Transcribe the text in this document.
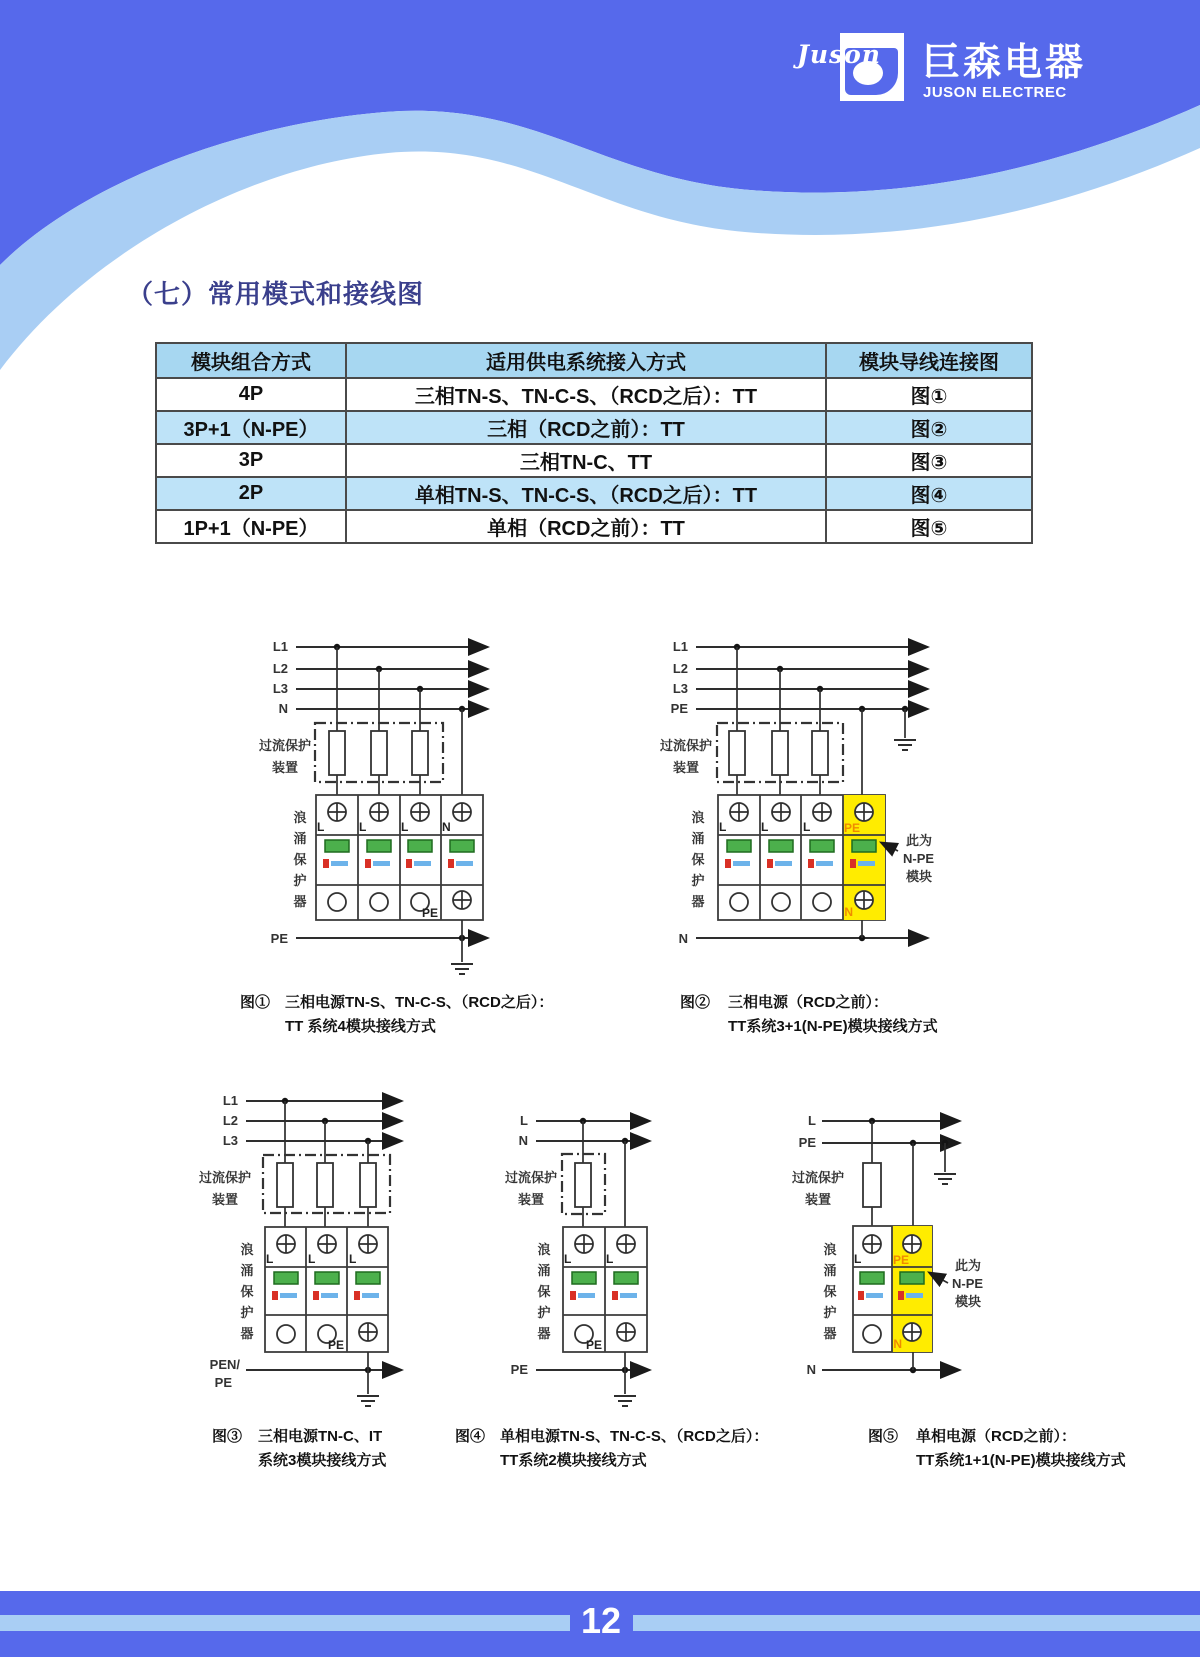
Juson 巨森电器
JUSON ELECTREC
（七）常用模式和接线图
模块组合方式	适用供电系统接入方式	模块导线连接图
4P	三相TN-S、TN-C-S、（RCD之后）：TT	图①
3P+1（N-PE）	三相（RCD之前）：TT	图②
3P	三相TN-C、TT	图③
2P	单相TN-S、TN-C-S、（RCD之后）：TT	图④
1P+1（N-PE）	单相（RCD之前）：TT	图⑤
L1
L2
L3
N
过流保护
装置
浪
涌
保
护
器
L	L	L	N
PE
PE
图① 三相电源TN-S、TN-C-S、（RCD之后）：
TT 系统4模块接线方式
L1
L2
L3
PE
过流保护
装置
浪
涌
保
护
器
L	L	L	PE
N
此为
N-PE
模块
N
图② 三相电源（RCD之前）：
TT系统3+1(N-PE)模块接线方式
L1
L2
L3
过流保护
装置
浪
涌
保
护
器
L	L	L
PE
PEN/
PE
图③ 三相电源TN-C、IT
系统3模块接线方式
L
N
过流保护
装置
浪
涌
保
护
器
L	L
PE
PE
图④ 单相电源TN-S、TN-C-S、（RCD之后）：
TT系统2模块接线方式
L
PE
过流保护
装置
浪
涌
保
护
器
L	PE
N
此为
N-PE
模块
N
图⑤ 单相电源（RCD之前）：
TT系统1+1(N-PE)模块接线方式
12
